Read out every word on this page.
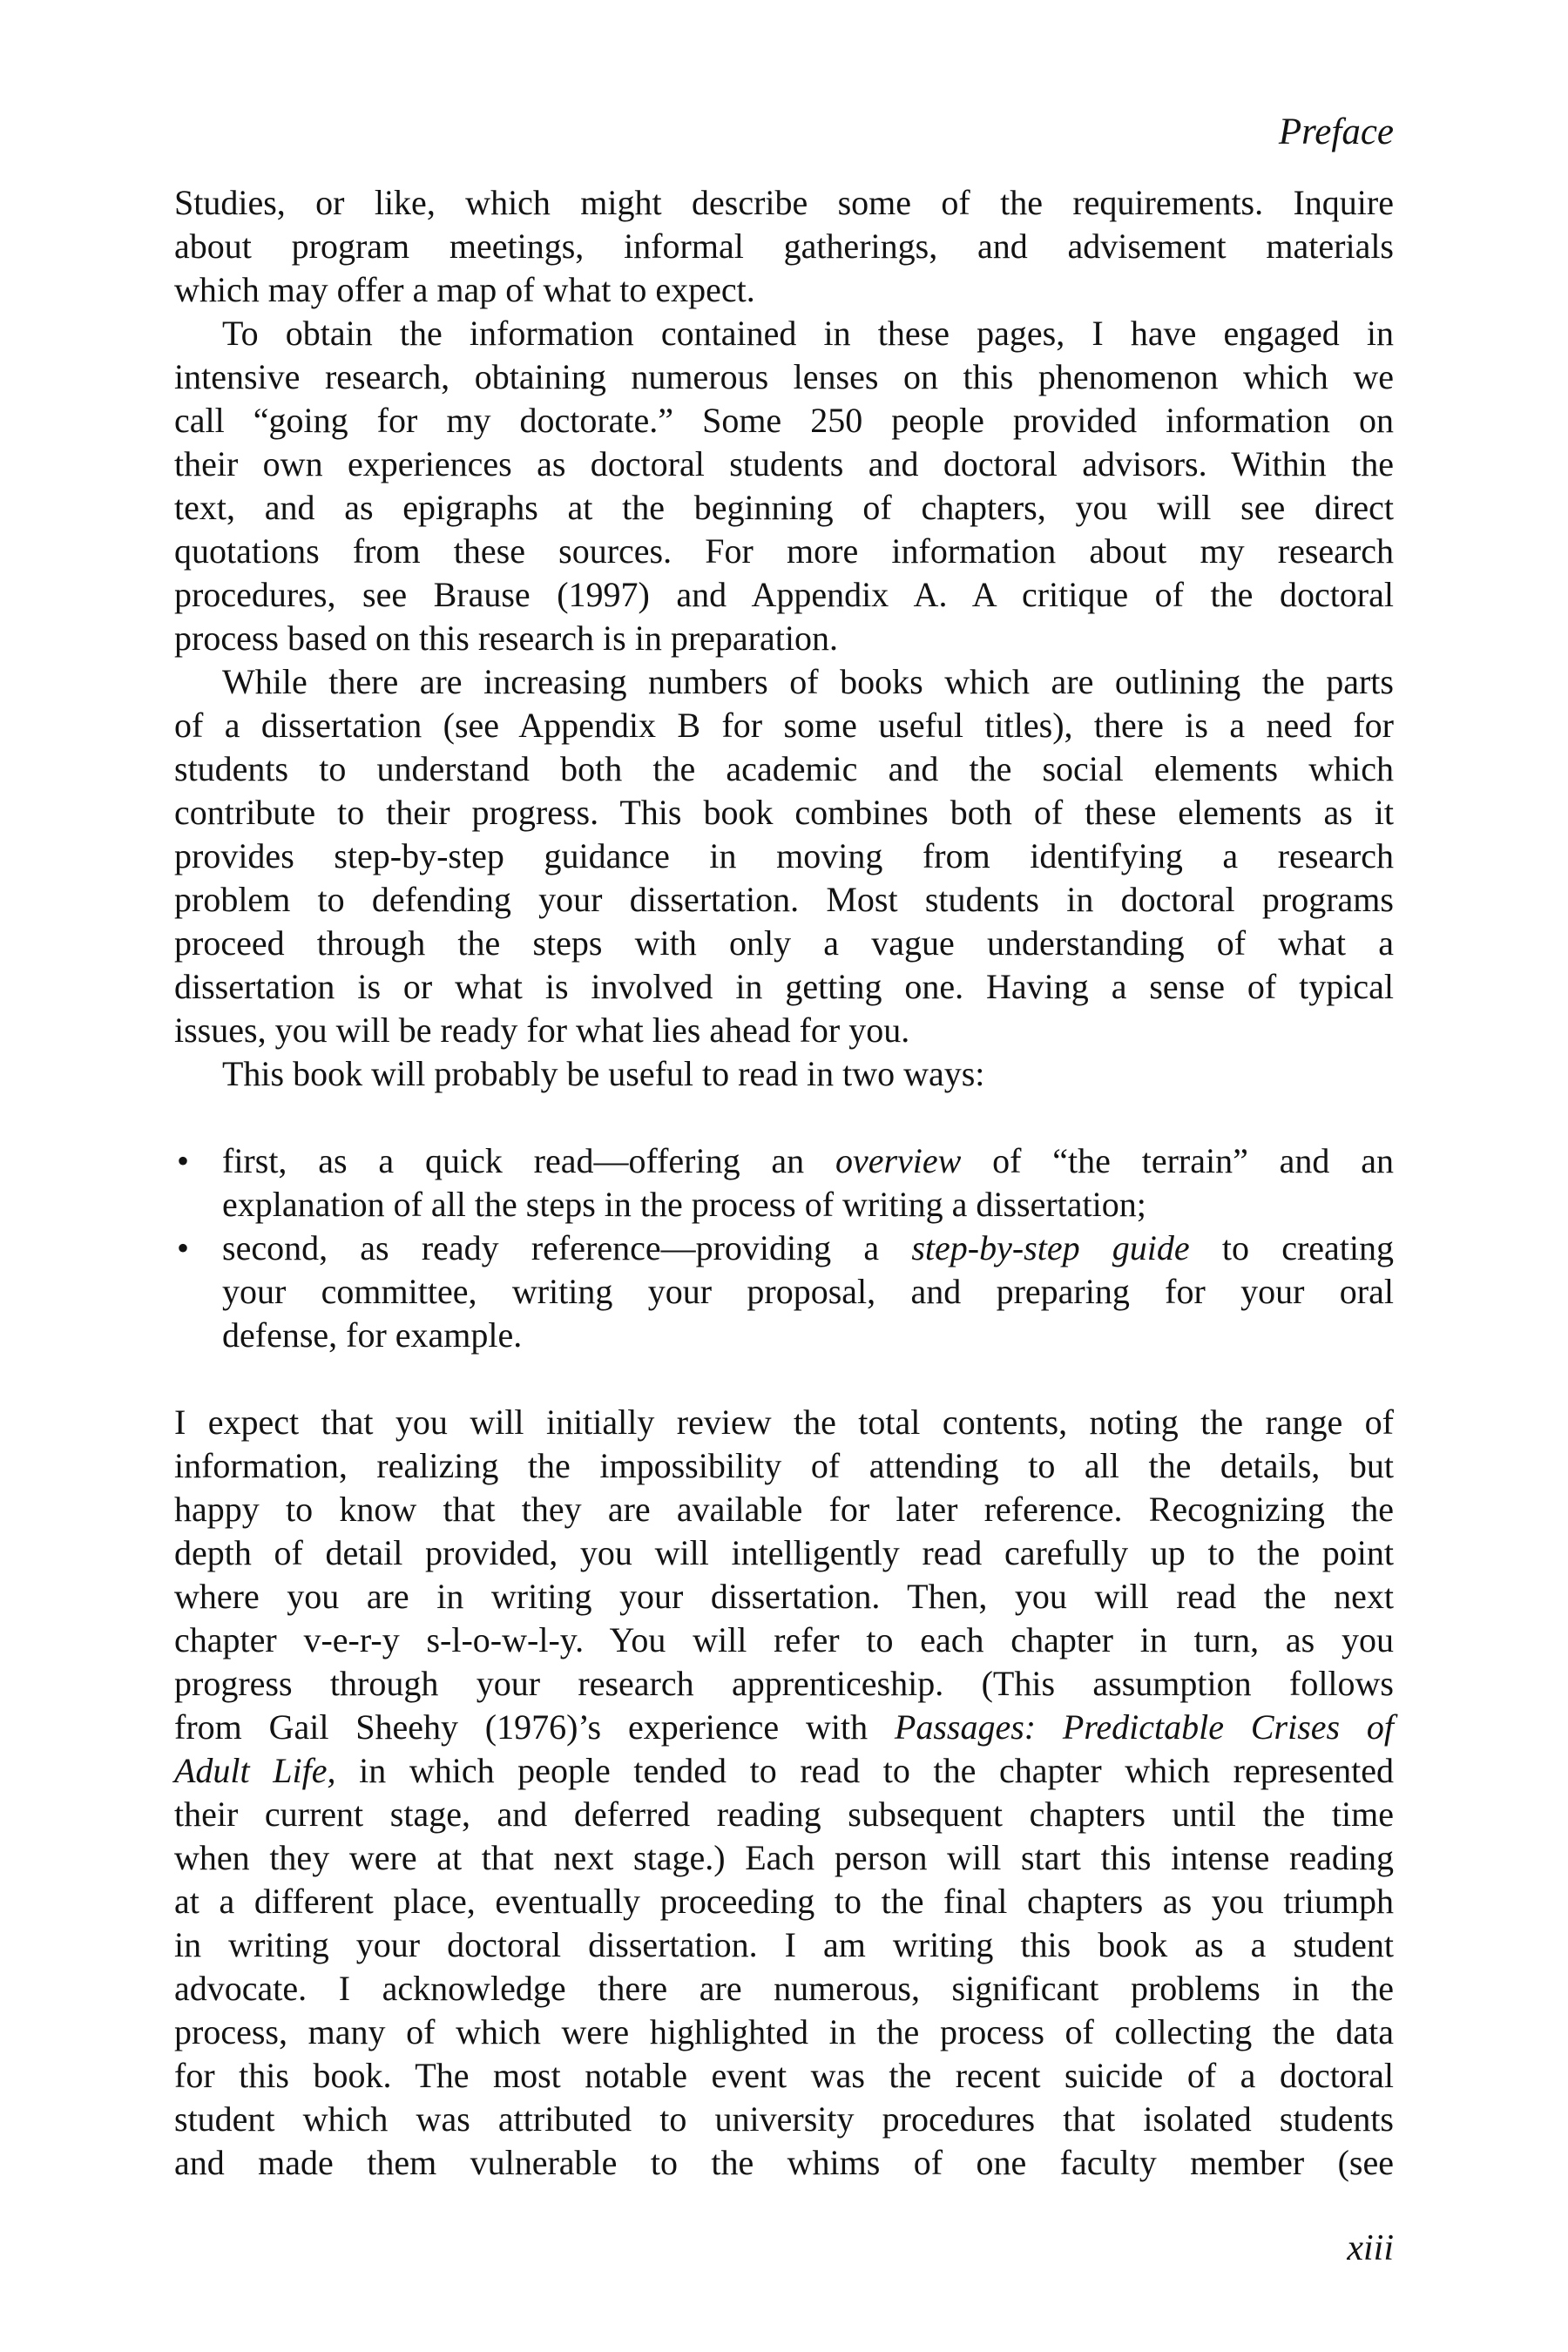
Preface
Studies, or like, which might describe some of the requirements. Inquire
about program meetings, informal gatherings, and advisement materials
which may offer a map of what to expect.
To obtain the information contained in these pages, I have engaged in
intensive research, obtaining numerous lenses on this phenomenon which we
call “going for my doctorate.” Some 250 people provided information on
their own experiences as doctoral students and doctoral advisors. Within the
text, and as epigraphs at the beginning of chapters, you will see direct
quotations from these sources. For more information about my research
procedures, see Brause (1997) and Appendix A. A critique of the doctoral
process based on this research is in preparation.
While there are increasing numbers of books which are outlining the parts
of a dissertation (see Appendix B for some useful titles), there is a need for
students to understand both the academic and the social elements which
contribute to their progress. This book combines both of these elements as it
provides step-by-step guidance in moving from identifying a research
problem to defending your dissertation. Most students in doctoral programs
proceed through the steps with only a vague understanding of what a
dissertation is or what is involved in getting one. Having a sense of typical
issues, you will be ready for what lies ahead for you.
This book will probably be useful to read in two ways:
• first, as a quick read—offering an overview of “the terrain” and an
explanation of all the steps in the process of writing a dissertation;
• second, as ready reference—providing a step-by-step guide to creating
your committee, writing your proposal, and preparing for your oral
defense, for example.
I expect that you will initially review the total contents, noting the range of
information, realizing the impossibility of attending to all the details, but
happy to know that they are available for later reference. Recognizing the
depth of detail provided, you will intelligently read carefully up to the point
where you are in writing your dissertation. Then, you will read the next
chapter v-e-r-y s-l-o-w-l-y. You will refer to each chapter in turn, as you
progress through your research apprenticeship. (This assumption follows
from Gail Sheehy (1976)’s experience with Passages: Predictable Crises of
Adult Life, in which people tended to read to the chapter which represented
their current stage, and deferred reading subsequent chapters until the time
when they were at that next stage.) Each person will start this intense reading
at a different place, eventually proceeding to the final chapters as you triumph
in writing your doctoral dissertation. I am writing this book as a student
advocate. I acknowledge there are numerous, significant problems in the
process, many of which were highlighted in the process of collecting the data
for this book. The most notable event was the recent suicide of a doctoral
student which was attributed to university procedures that isolated students
and made them vulnerable to the whims of one faculty member (see
xiii
